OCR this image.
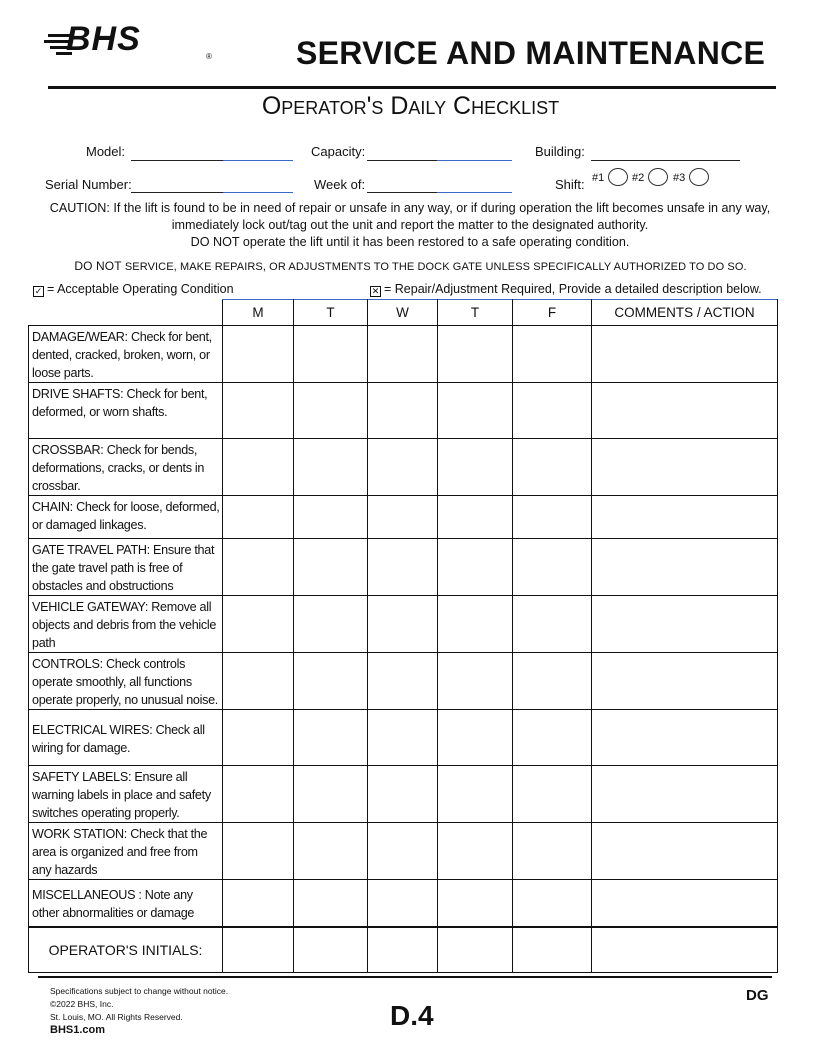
BHS	®	SERVICE AND MAINTENANCE
Operator's Daily Checklist
Model:	Capacity:	Building:
Serial Number:	Week of:	Shift: #1	#2	#3
CAUTION: If the lift is found to be in need of repair or unsafe in any way, or if during operation the lift becomes unsafe in any way, immediately lock out/tag out the unit and report the matter to the designated authority.
DO NOT operate the lift until it has been restored to a safe operating condition.
DO NOT SERVICE, MAKE REPAIRS, OR ADJUSTMENTS TO THE DOCK GATE UNLESS SPECIFICALLY AUTHORIZED TO DO SO.
✓ = Acceptable Operating Condition	✕ = Repair/Adjustment Required, Provide a detailed description below.
	M	T	W	T	F	COMMENTS / ACTION
DAMAGE/WEAR: Check for bent, dented, cracked, broken, worn, or loose parts.						
DRIVE SHAFTS: Check for bent, deformed, or worn shafts.						
CROSSBAR: Check for bends, deformations, cracks, or dents in crossbar.						
CHAIN: Check for loose, deformed, or damaged linkages.						
GATE TRAVEL PATH: Ensure that the gate travel path is free of obstacles and obstructions						
VEHICLE GATEWAY: Remove all objects and debris from the vehicle path						
CONTROLS: Check controls operate smoothly, all functions operate properly, no unusual noise.						
ELECTRICAL WIRES: Check all wiring for damage.						
SAFETY LABELS: Ensure all warning labels in place and safety switches operating properly.						
WORK STATION: Check that the area is organized and free from any hazards						
MISCELLANEOUS : Note any other abnormalities or damage						
OPERATOR'S INITIALS:						
Specifications subject to change without notice.
©2022 BHS, Inc.
St. Louis, MO. All Rights Reserved.
BHS1.com	D.4
DG
